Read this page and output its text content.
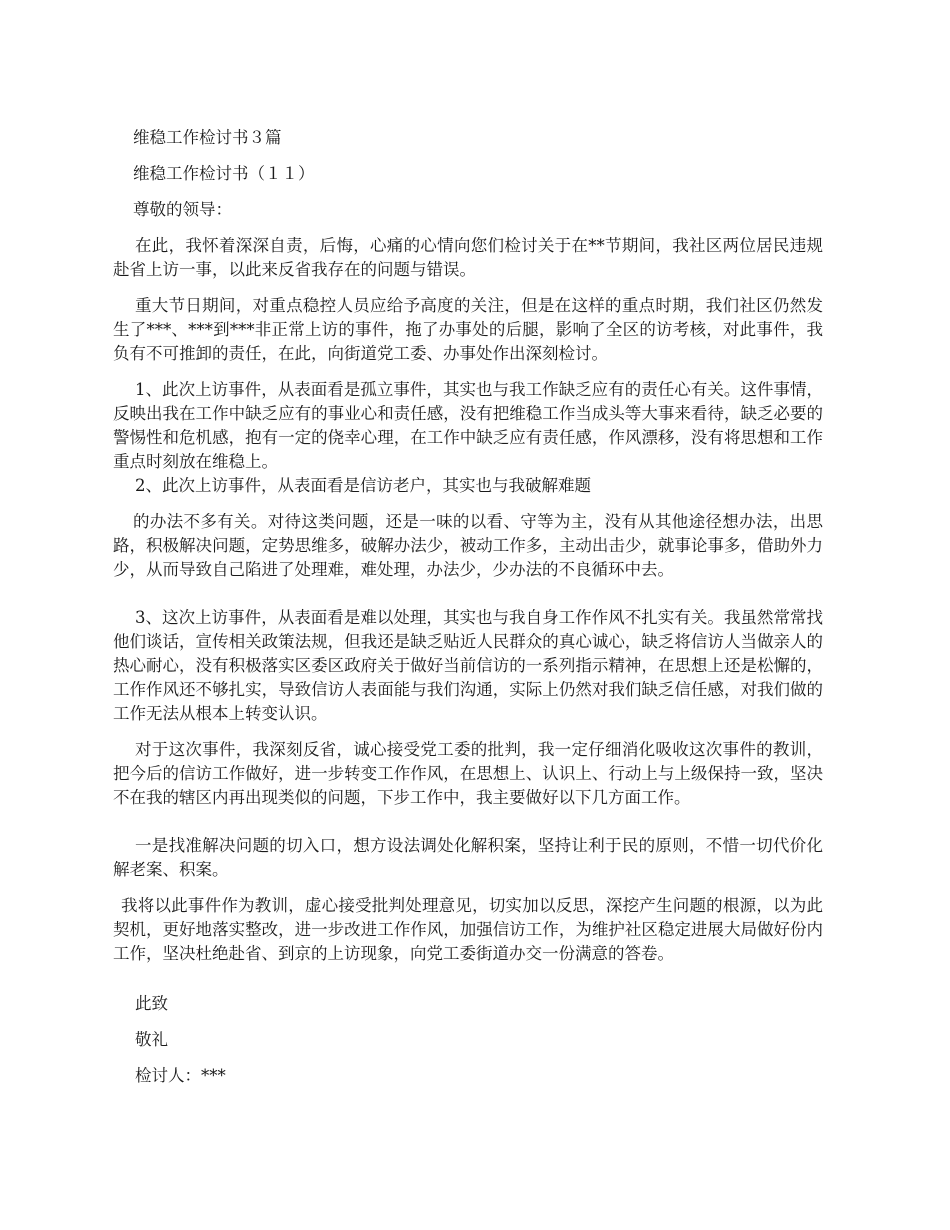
维稳工作检讨书３篇
维稳工作检讨书（１１）
尊敬的领导：
在此，我怀着深深自责，后悔，心痛的心情向您们检讨关于在**节期间，我社区两位居民违规赴省上访一事，以此来反省我存在的问题与错误。
重大节日期间，对重点稳控人员应给予高度的关注，但是在这样的重点时期，我们社区仍然发生了***、***到***非正常上访的事件，拖了办事处的后腿，影响了全区的访考核，对此事件，我负有不可推卸的责任，在此，向街道党工委、办事处作出深刻检讨。
1、此次上访事件，从表面看是孤立事件，其实也与我工作缺乏应有的责任心有关。这件事情，反映出我在工作中缺乏应有的事业心和责任感，没有把维稳工作当成头等大事来看待，缺乏必要的警惕性和危机感，抱有一定的侥幸心理，在工作中缺乏应有责任感，作风漂移，没有将思想和工作重点时刻放在维稳上。
2、此次上访事件，从表面看是信访老户，其实也与我破解难题
的办法不多有关。对待这类问题，还是一味的以看、守等为主，没有从其他途径想办法，出思路，积极解决问题，定势思维多，破解办法少，被动工作多，主动出击少，就事论事多，借助外力少，从而导致自己陷进了处理难，难处理，办法少，少办法的不良循环中去。
3、这次上访事件，从表面看是难以处理，其实也与我自身工作作风不扎实有关。我虽然常常找他们谈话，宣传相关政策法规，但我还是缺乏贴近人民群众的真心诚心，缺乏将信访人当做亲人的热心耐心，没有积极落实区委区政府关于做好当前信访的一系列指示精神，在思想上还是松懈的，工作作风还不够扎实，导致信访人表面能与我们沟通，实际上仍然对我们缺乏信任感，对我们做的工作无法从根本上转变认识。
对于这次事件，我深刻反省，诚心接受党工委的批判，我一定仔细消化吸收这次事件的教训，把今后的信访工作做好，进一步转变工作作风，在思想上、认识上、行动上与上级保持一致，坚决不在我的辖区内再出现类似的问题，下步工作中，我主要做好以下几方面工作。
一是找准解决问题的切入口，想方设法调处化解积案，坚持让利于民的原则，不惜一切代价化解老案、积案。
我将以此事件作为教训，虚心接受批判处理意见，切实加以反思，深挖产生问题的根源，以为此契机，更好地落实整改，进一步改进工作作风，加强信访工作，为维护社区稳定进展大局做好份内工作，坚决杜绝赴省、到京的上访现象，向党工委街道办交一份满意的答卷。
此致
敬礼
检讨人：***
